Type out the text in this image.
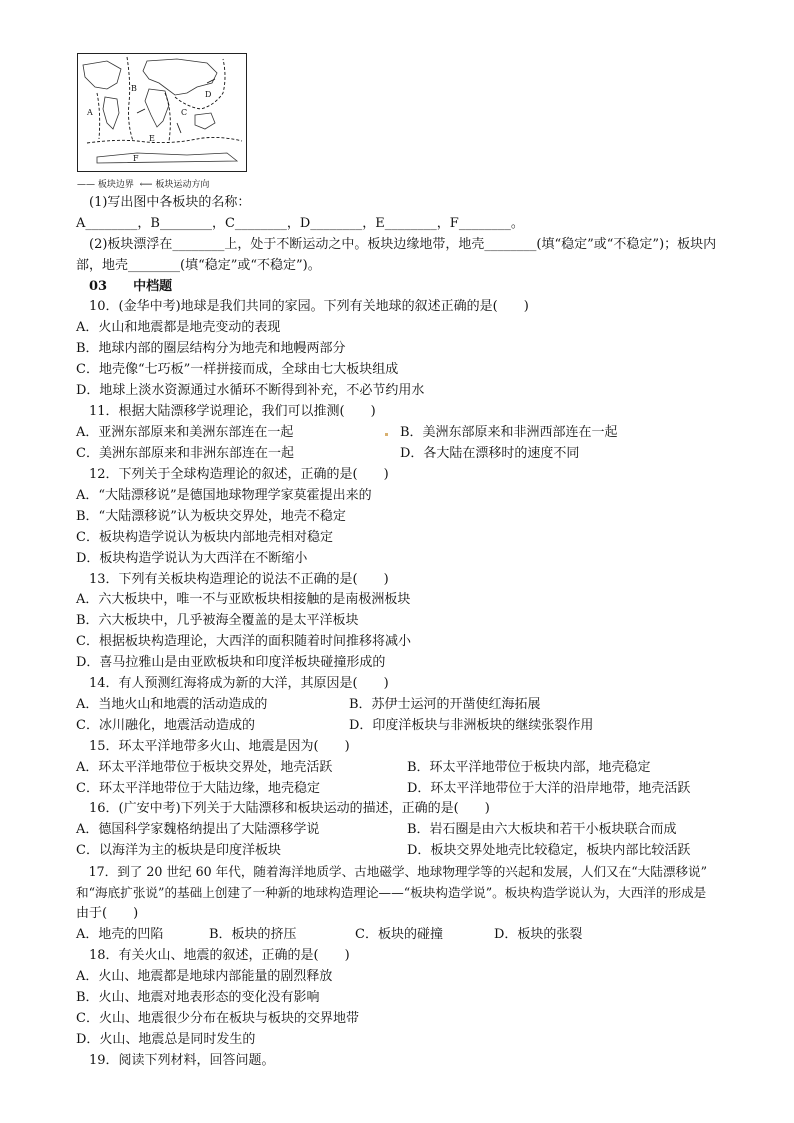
A
B
C
D
E
F
—— 板块边界  ⟵ 板块运动方向
(1)写出图中各板块的名称：
A________，B________，C________，D________，E________，F________。
(2)板块漂浮在________上，处于不断运动之中。板块边缘地带，地壳________(填“稳定”或“不稳定”)；板块内
部，地壳________(填“稳定”或“不稳定”)。
03　　中档题
10．(金华中考)地球是我们共同的家园。下列有关地球的叙述正确的是(　　)
A．火山和地震都是地壳变动的表现
B．地球内部的圈层结构分为地壳和地幔两部分
C．地壳像“七巧板”一样拼接而成，全球由七大板块组成
D．地球上淡水资源通过水循环不断得到补充，不必节约用水
11．根据大陆漂移学说理论，我们可以推测(　　)
A．亚洲东部原来和美洲东部连在一起	B．美洲东部原来和非洲西部连在一起
C．美洲东部原来和非洲东部连在一起	D．各大陆在漂移时的速度不同
12．下列关于全球构造理论的叙述，正确的是(　　)
A．“大陆漂移说”是德国地球物理学家莫霍提出来的
B．“大陆漂移说”认为板块交界处，地壳不稳定
C．板块构造学说认为板块内部地壳相对稳定
D．板块构造学说认为大西洋在不断缩小
13．下列有关板块构造理论的说法不正确的是(　　)
A．六大板块中，唯一不与亚欧板块相接触的是南极洲板块
B．六大板块中，几乎被海全覆盖的是太平洋板块
C．根据板块构造理论，大西洋的面积随着时间推移将减小
D．喜马拉雅山是由亚欧板块和印度洋板块碰撞形成的
14．有人预测红海将成为新的大洋，其原因是(　　)
A．当地火山和地震的活动造成的	B．苏伊士运河的开凿使红海拓展
C．冰川融化，地震活动造成的	D．印度洋板块与非洲板块的继续张裂作用
15．环太平洋地带多火山、地震是因为(　　)
A．环太平洋地带位于板块交界处，地壳活跃	B．环太平洋地带位于板块内部，地壳稳定
C．环太平洋地带位于大陆边缘，地壳稳定	D．环太平洋地带位于大洋的沿岸地带，地壳活跃
16．(广安中考)下列关于大陆漂移和板块运动的描述，正确的是(　　)
A．德国科学家魏格纳提出了大陆漂移学说	B．岩石圈是由六大板块和若干小板块联合而成
C．以海洋为主的板块是印度洋板块	D．板块交界处地壳比较稳定，板块内部比较活跃
17．到了 20 世纪 60 年代，随着海洋地质学、古地磁学、地球物理学等的兴起和发展，人们又在“大陆漂移说”
和“海底扩张说”的基础上创建了一种新的地球构造理论——“板块构造学说”。板块构造学说认为，大西洋的形成是
由于(　　)
A．地壳的凹陷	B．板块的挤压	C．板块的碰撞	D．板块的张裂
18．有关火山、地震的叙述，正确的是(　　)
A．火山、地震都是地球内部能量的剧烈释放
B．火山、地震对地表形态的变化没有影响
C．火山、地震很少分布在板块与板块的交界地带
D．火山、地震总是同时发生的
19．阅读下列材料，回答问题。
